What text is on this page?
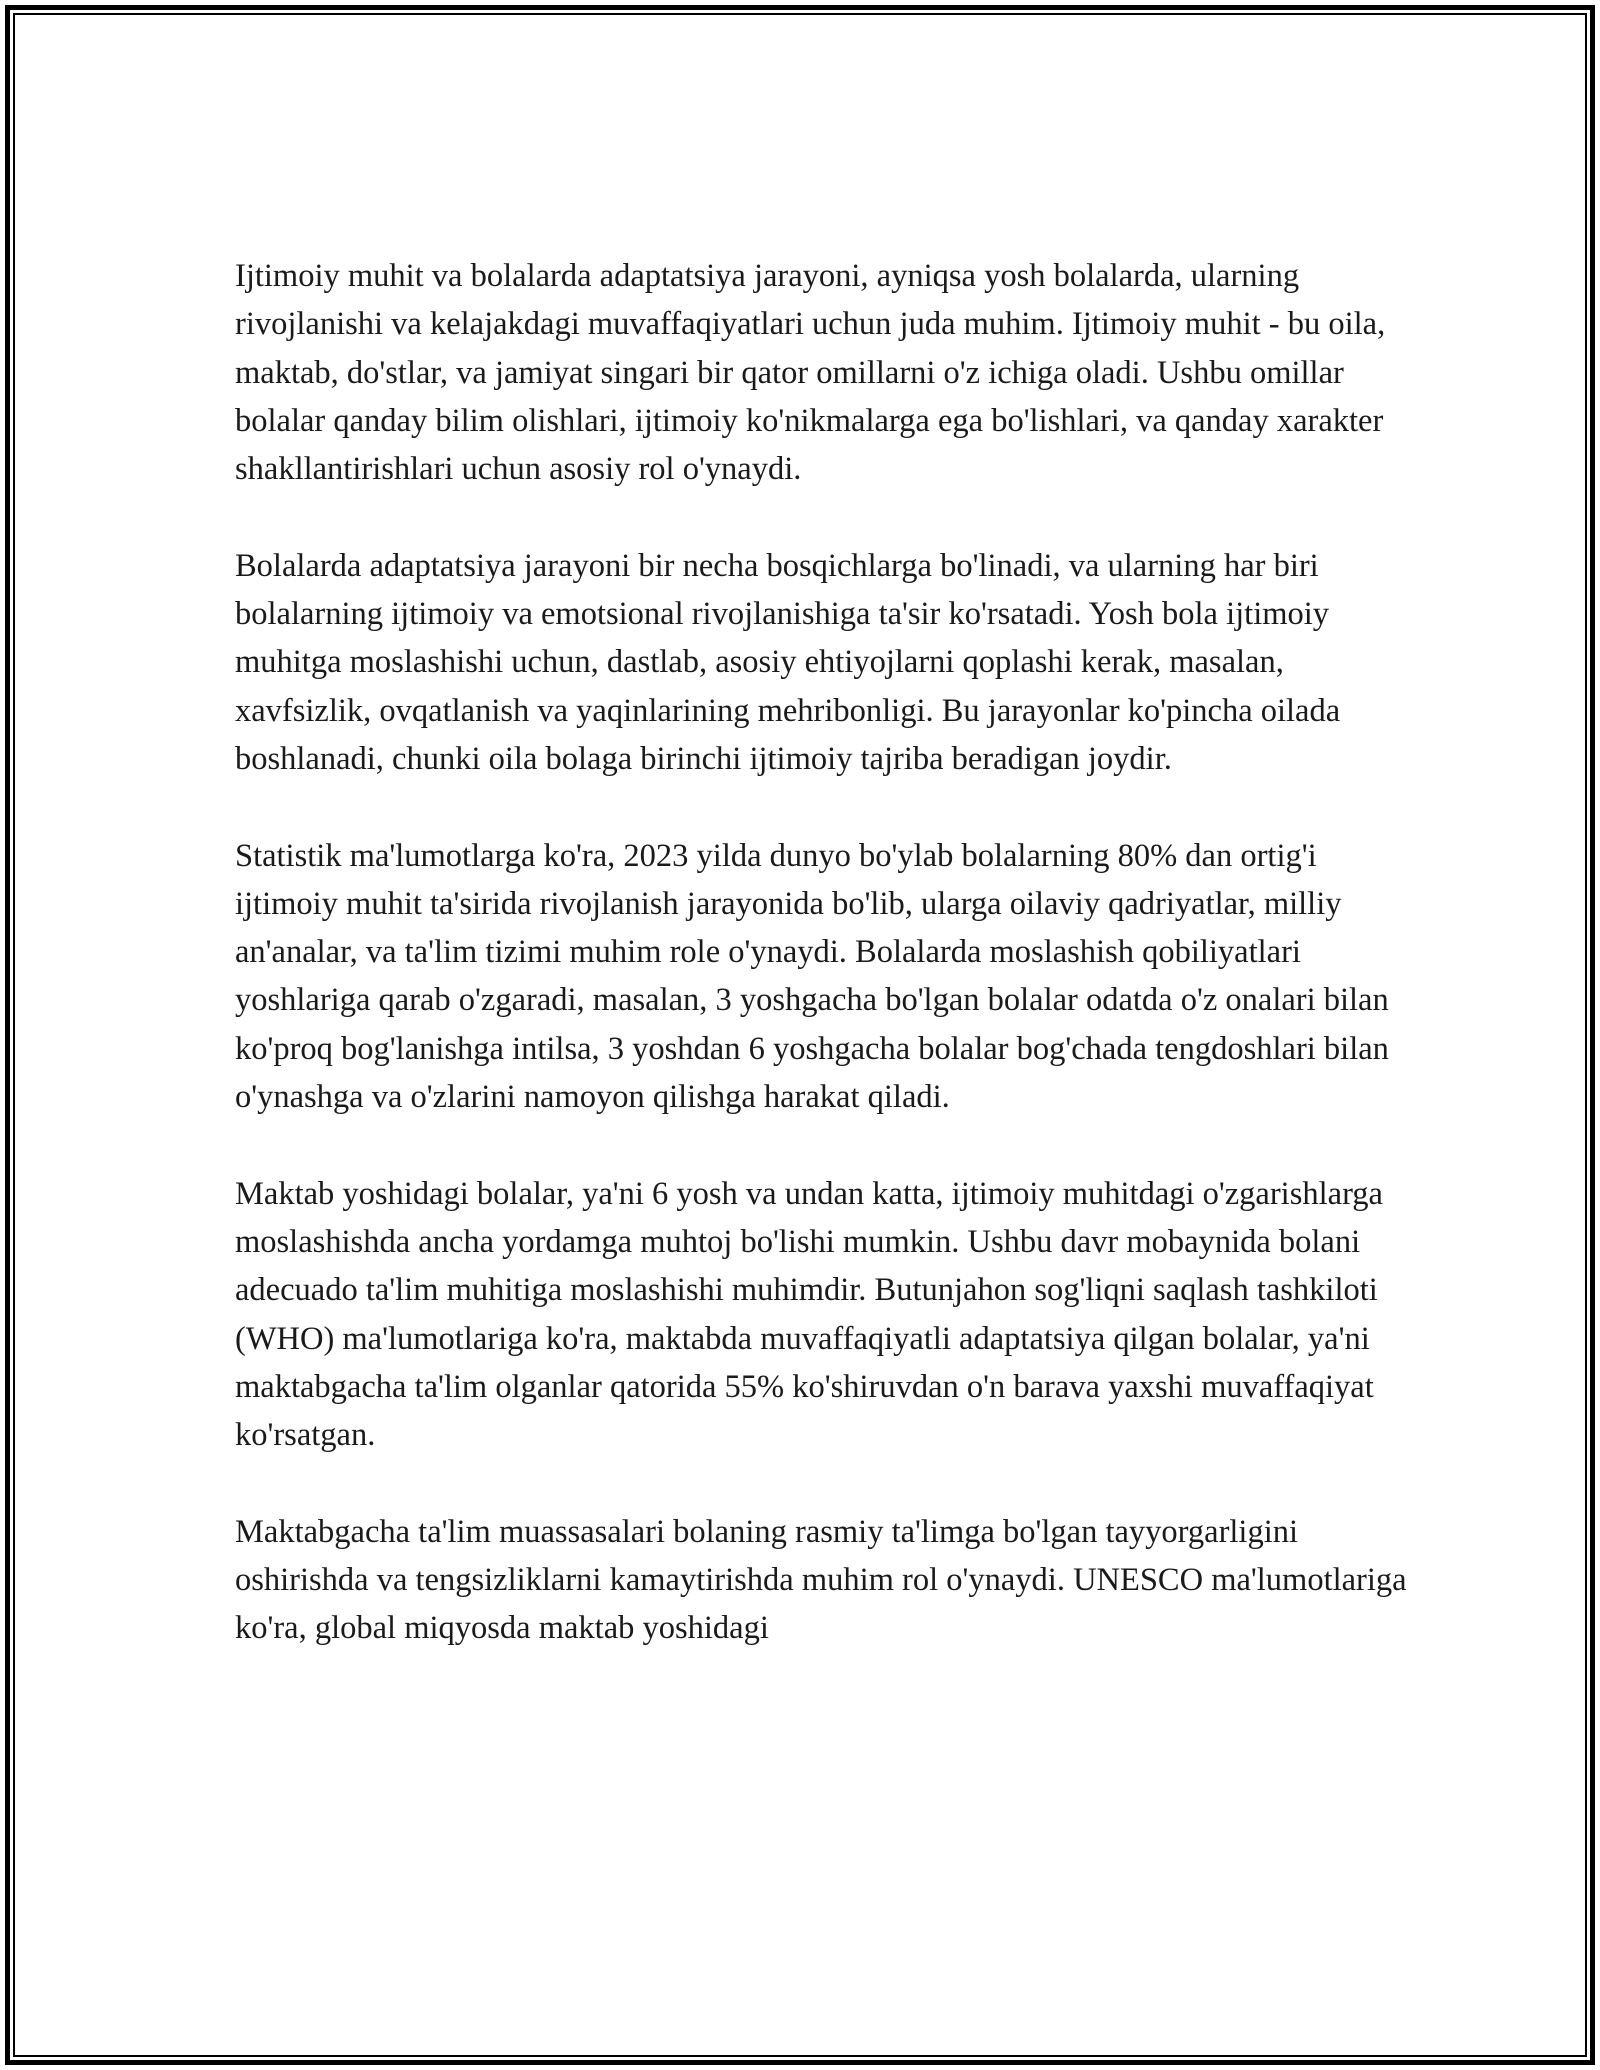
Ijtimoiy muhit va bolalarda adaptatsiya jarayoni, ayniqsa yosh bolalarda, ularning rivojlanishi va kelajakdagi muvaffaqiyatlari uchun juda muhim. Ijtimoiy muhit - bu oila, maktab, do'stlar, va jamiyat singari bir qator omillarni o'z ichiga oladi. Ushbu omillar bolalar qanday bilim olishlari, ijtimoiy ko'nikmalarga ega bo'lishlari, va qanday xarakter shakllantirishlari uchun asosiy rol o'ynaydi.

Bolalarda adaptatsiya jarayoni bir necha bosqichlarga bo'linadi, va ularning har biri bolalarning ijtimoiy va emotsional rivojlanishiga ta'sir ko'rsatadi. Yosh bola ijtimoiy muhitga moslashishi uchun, dastlab, asosiy ehtiyojlarni qoplashi kerak, masalan, xavfsizlik, ovqatlanish va yaqinlarining mehribonligi. Bu jarayonlar ko'pincha oilada boshlanadi, chunki oila bolaga birinchi ijtimoiy tajriba beradigan joydir.

Statistik ma'lumotlarga ko'ra, 2023 yilda dunyo bo'ylab bolalarning 80% dan ortig'i ijtimoiy muhit ta'sirida rivojlanish jarayonida bo'lib, ularga oilaviy qadriyatlar, milliy an'analar, va ta'lim tizimi muhim role o'ynaydi. Bolalarda moslashish qobiliyatlari yoshlariga qarab o'zgaradi, masalan, 3 yoshgacha bo'lgan bolalar odatda o'z onalari bilan ko'proq bog'lanishga intilsa, 3 yoshdan 6 yoshgacha bolalar bog'chada tengdoshlari bilan o'ynashga va o'zlarini namoyon qilishga harakat qiladi.

Maktab yoshidagi bolalar, ya'ni 6 yosh va undan katta, ijtimoiy muhitdagi o'zgarishlarga moslashishda ancha yordamga muhtoj bo'lishi mumkin. Ushbu davr mobaynida bolani adecuado ta'lim muhitiga moslashishi muhimdir. Butunjahon sog'liqni saqlash tashkiloti (WHO) ma'lumotlariga ko'ra, maktabda muvaffaqiyatli adaptatsiya qilgan bolalar, ya'ni maktabgacha ta'lim olganlar qatorida 55% ko'shiruvdan o'n barava yaxshi muvaffaqiyat ko'rsatgan.

Maktabgacha ta'lim muassasalari bolaning rasmiy ta'limga bo'lgan tayyorgarligini oshirishda va tengsizliklarni kamaytirishda muhim rol o'ynaydi. UNESCO ma'lumotlariga ko'ra, global miqyosda maktab yoshidagi
